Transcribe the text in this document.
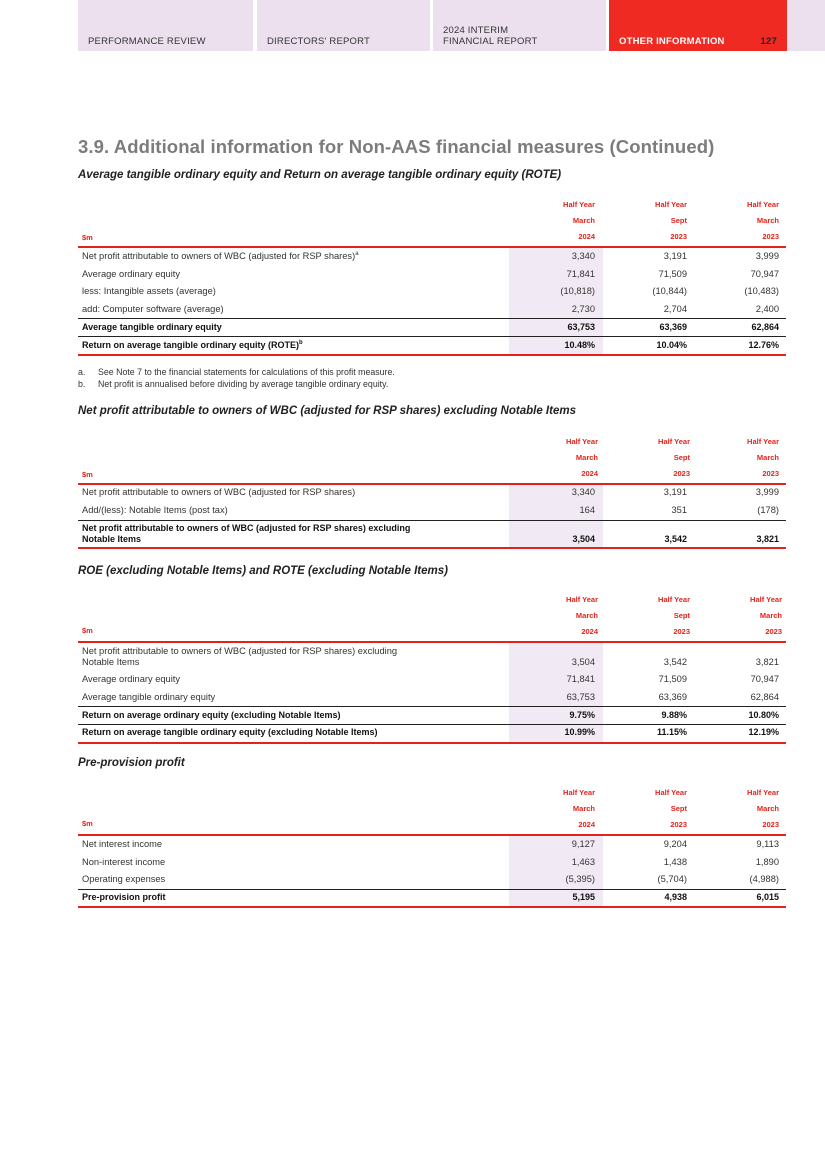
PERFORMANCE REVIEW	DIRECTORS' REPORT
2024 INTERIM
FINANCIAL REPORT	OTHER INFORMATION	127
3.9. Additional information for Non-AAS financial measures (Continued)
Average tangible ordinary equity and Return on average tangible ordinary equity (ROTE)
Half Year
March
2024
Half Year
Sept
2023
Half Year
March
2023
$m
Net profit attributable to owners of WBC (adjusted for RSP shares)$^a$	3,340	3,191	3,999
Average ordinary equity	71,841	71,509	70,947
less: Intangible assets (average)	(10,818)	(10,844)	(10,483)
add: Computer software (average)	2,730	2,704	2,400
Average tangible ordinary equity	63,753	63,369	62,864
Return on average tangible ordinary equity (ROTE)$^b$	10.48%	10.04%	12.76%
a. See Note 7 to the financial statements for calculations of this profit measure.
b. Net profit is annualised before dividing by average tangible ordinary equity.
Net profit attributable to owners of WBC (adjusted for RSP shares) excluding Notable Items
Half Year
March
2024
Half Year
Sept
2023
Half Year
March
2023
$m
Net profit attributable to owners of WBC (adjusted for RSP shares)	3,340	3,191	3,999
Add/(less): Notable Items (post tax)	164	351	(178)
Net profit attributable to owners of WBC (adjusted for RSP shares) excluding
Notable Items	3,504	3,542	3,821
ROE (excluding Notable Items) and ROTE (excluding Notable Items)
Half Year
March
2024
Half Year
Sept
2023
Half Year
March
2023
$m
Net profit attributable to owners of WBC (adjusted for RSP shares) excluding
Notable Items	3,504	3,542	3,821
Average ordinary equity	71,841	71,509	70,947
Average tangible ordinary equity	63,753	63,369	62,864
Return on average ordinary equity (excluding Notable Items)	9.75%	9.88%	10.80%
Return on average tangible ordinary equity (excluding Notable Items)	10.99%	11.15%	12.19%
Pre-provision profit
Half Year
March
2024
Half Year
Sept
2023
Half Year
March
2023
$m
Net interest income	9,127	9,204	9,113
Non-interest income	1,463	1,438	1,890
Operating expenses	(5,395)	(5,704)	(4,988)
Pre-provision profit	5,195	4,938	6,015
